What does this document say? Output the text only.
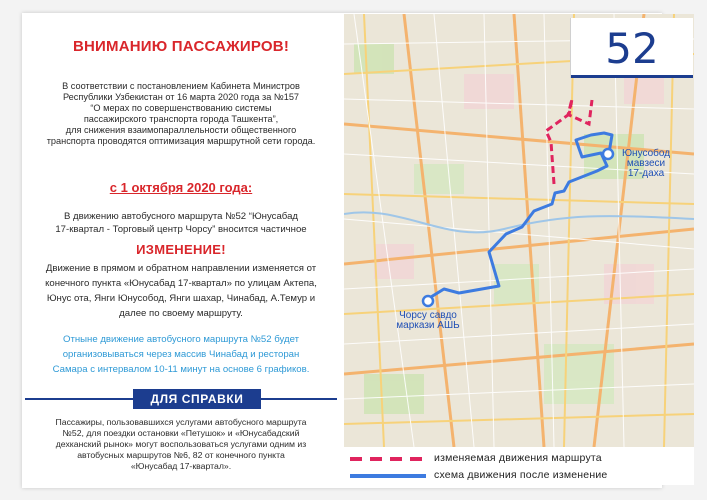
ВНИМАНИЮ ПАССАЖИРОВ!
В соответствии с постановлением Кабинета Министров
Республики Узбекистан от 16 марта 2020 года за №157
“О мерах по совершенствованию системы
пассажирского транспорта города Ташкента”,
для снижения взаимопараллельности общественного
транспорта проводятся оптимизация маршрутной сети города.
с 1 октября 2020 года:
В движению автобусного маршрута №52 “Юнусабад
17-квартал - Торговый центр Чорсу” вносится частичное
ИЗМЕНЕНИЕ!
Движение в прямом и обратном направлении изменяется от
конечного пункта «Юнусабад 17-квартал» по улицам Актепа,
Юнус ота, Янги Юнусобод, Янги шахар, Чинабад, А.Темур и
далее по своему маршруту.
Отныне движение автобусного маршрута №52 будет
организовываться через массив Чинабад и ресторан
Самара с интервалом 10-11 минут на основе 6 графиков.
ДЛЯ СПРАВКИ
Пассажиры, пользовавшихся услугами автобусного маршрута
№52, для поездки остановки «Петушок» и «Юнусабадский
дехканский рынок» могут воспользоваться услугами одним из
автобусных маршрутов №6, 82 от конечного пункта
«Юнусабад 17-квартал».
Юнусобод
мавзеси
17-даха
Чорсу савдо
маркази АШЬ
52
изменяемая движения маршрута
схема движения после изменение
